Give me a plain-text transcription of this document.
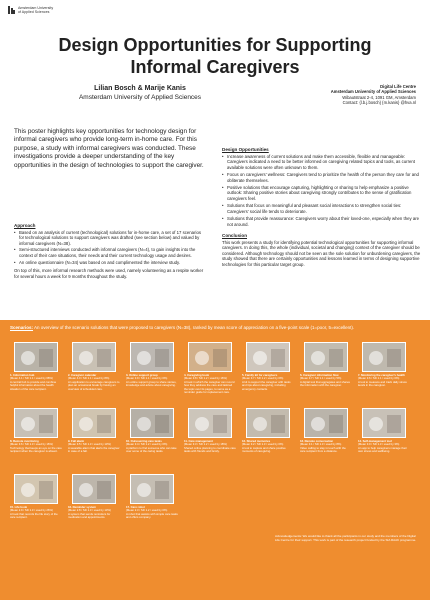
Amsterdam University
of Applied Sciences
Design Opportunities for Supporting Informal Caregivers
Lilian Bosch & Marije Kanis
Amsterdam University of Applied Sciences
Digital Life Centre
Amsterdam University of Applied Sciences
Wibautstraat 2-4, 1091 GM, Amsterdam
Contact: {l.b.j.bosch} {m.kanis} @hva.nl

This poster highlights key opportunities for technology design for informal caregivers who provide long-term in-home care. For this purpose, a study with informal caregivers was conducted. These investigations provide a deeper understanding of the key opportunities in the design of technologies to support the caregiver.

Approach
• Based on an analysis of current (technological) solutions for in-home care, a set of 17 scenarios for technological solutions to support caregivers was drafted (see section below) and valued by informal caregivers (N=38).
• Semi-structured interviews conducted with informal caregivers (N=4), to gain insights into the context of their care situations, their needs and their current technology usage and desires.
• An online questionnaire (N=34) was based on and complimented the interview study.

On top of this, more informal research methods were used, namely volunteering as a respite worker for several hours a week for 9 months throughout the study.

Design Opportunities
• Increase awareness of current solutions and make them accessible, flexible and manageable: Caregivers indicated a need to be better informed on caregiving related topics and tools, as current available solutions were often unknown to them.
• Focus on caregivers' wellness: Caregivers tend to prioritize the health of the person they care for and obliterate themselves.
• Positive solutions that encourage capturing, highlighting or sharing to help emphasize a positive outlook: Sharing positive stories about caregiving strongly contributes to the sense of gratification caregivers feel.
• Solutions that focus on meaningful and pleasant social interactions to strengthen social ties: Caregivers' social life tends to deteriorate.
• Solutions that provide reassurance: Caregivers worry about their loved-one, especially when they are not around.
Conclusion

This work presents a study for identifying potential technological opportunities for supporting informal caregivers. In doing this, the whole (individual, societal and changing) context of the caregiver should be considered. Although technology should not be seen as the sole solution for unburdening caregivers, the study showed that there are certainly opportunities and lessons learned in terms of designing supportive technologies for this particular target group.

Scenarios: An overview of the scenario solutions that were proposed to caregivers (N=38), ranked by mean score of appreciation on a five-point scale (1=poor, 5=excellent).
1. Information hub
(Mean 4.1 / SD 1.1 / used by 68%)
A central hub to provide and combine helpful information about the health situation of the care recipient.
2. Caregiver calendar
(Mean 4.0 / SD 1.1 / used by 8%)
An application to encourage caregivers to plan an occasional break by having an overview of scheduled care.
3. Online support group
(Mean 3.9 / SD 1.1 / used by 0%)
An online support group to share stories, knowledge and advice about caregiving.
4. Caregiving book
(Mean 3.8 / SD 1.2 / used by 16%)
A book in which the caregiver can record how they address the care and tailored the topic over its pages, to serve as a reminder guide for replacement care.
5. Family kit for caregivers
(Mean 3.7 / SD 1.2 / used by 0%)
A kit to support the caregiver with tasks and tips about caregiving, including emergency contacts.
6. Caregiver information flow
(Mean 3.7 / SD 1.1 / used by 5%)
A digital tool that aggregates and shares the information with the caregiver.
7. Monitoring the caregiver's health
(Mean 3.6 / SD 1.1 / used by 0%)
A tool to measure and track daily stress levels in the caregiver.
8. Remote monitoring
(Mean 3.6 / SD 1.3 / used by 16%)
Technology that keeps an eye on the care recipient when the caregiver is absent.
9. Fall alarm
(Mean 3.5 / SD 1.3 / used by 13%)
A wearable alarm that alerts the caregiver in case of a fall.
10. Outsourcing care tasks
(Mean 3.4 / SD 1.2 / used by 0%)
A platform to find someone who can take over some of the caring tasks.
11. Care management
(Mean 3.3 / SD 1.2 / used by 18%)
Shared online planning to coordinate care tasks with friends and family.
12. Shared memories
(Mean 3.2 / SD 1.3 / used by 0%)
A tool to capture and share positive moments of caregiving.
13. Remote conversation
(Mean 3.1 / SD 1.3 / used by 8%)
Video calling to stay in touch with the care recipient from a distance.
14. Self-management tool
(Mean 3.0 / SD 1.3 / used by 3%)
An app to help caregivers manage their own stress and wellbeing.
15. Life book
(Mean 2.9 / SD 1.3 / used by 26%)
A book that records the life story of the care recipient.
16. Reminder system
(Mean 2.8 / SD 1.3 / used by 13%)
A system that sends reminders for medication and appointments.
17. Care robot
(Mean 2.3 / SD 1.2 / used by 0%)
A robot that assists with simple care tasks and offers company.
Acknowledgements: We would like to thank all the participants in our study and the members of the Digital Life Centre for their support. This work is part of the research project funded by the SIA RAAK programme.
